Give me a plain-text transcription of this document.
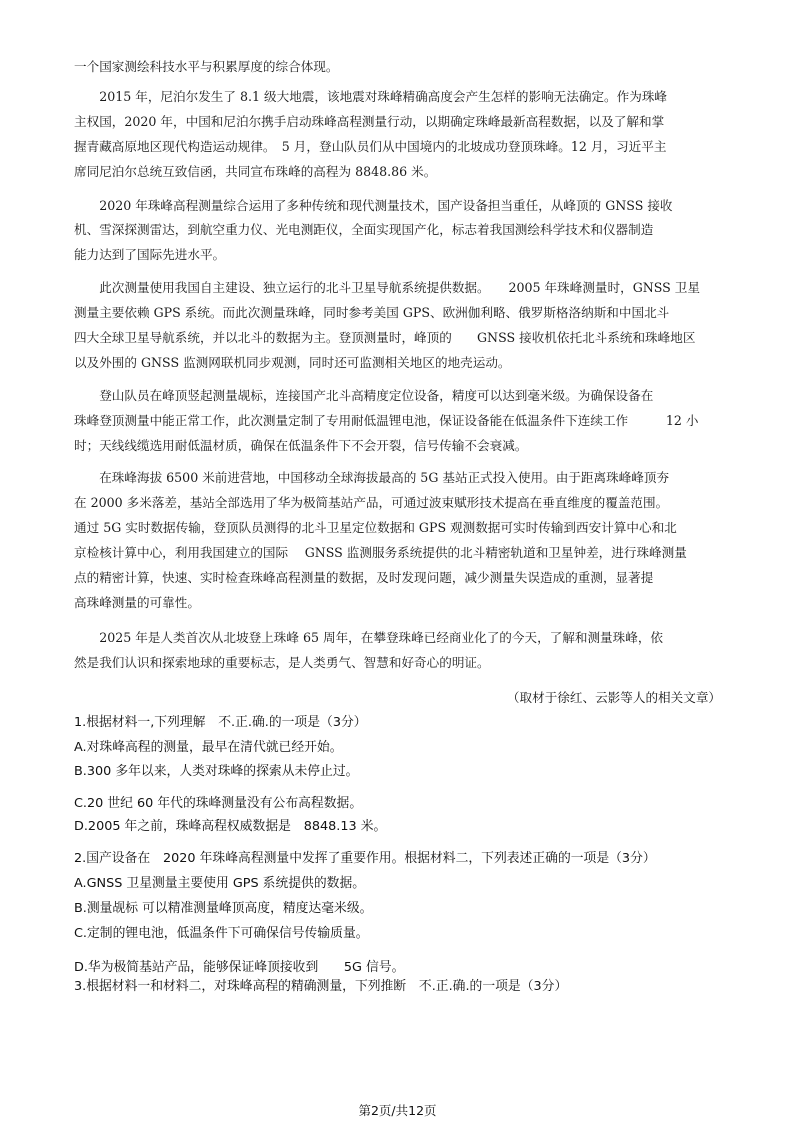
一个国家测绘科技水平与积累厚度的综合体现。
　　2015 年，尼泊尔发生了 8.1 级大地震，该地震对珠峰精确高度会产生怎样的影响无法确定。作为珠峰
主权国，2020 年，中国和尼泊尔携手启动珠峰高程测量行动，以期确定珠峰最新高程数据，以及了解和掌
握青藏高原地区现代构造运动规律。　5 月，登山队员们从中国境内的北坡成功登顶珠峰。12 月，习近平主
席同尼泊尔总统互致信函，共同宣布珠峰的高程为 8848.86 米。
　　2020 年珠峰高程测量综合运用了多种传统和现代测量技术，国产设备担当重任，从峰顶的 GNSS 接收
机、雪深探测雷达，到航空重力仪、光电测距仪，全面实现国产化，标志着我国测绘科学技术和仪器制造
能力达到了国际先进水平。
　　此次测量使用我国自主建设、独立运行的北斗卫星导航系统提供数据。　　2005 年珠峰测量时，GNSS 卫星
测量主要依赖 GPS 系统。而此次测量珠峰，同时参考美国 GPS、欧洲伽利略、俄罗斯格洛纳斯和中国北斗
四大全球卫星导航系统，并以北斗的数据为主。登顶测量时，峰顶的　　GNSS 接收机依托北斗系统和珠峰地区
以及外围的 GNSS 监测网联机同步观测，同时还可监测相关地区的地壳运动。
　　登山队员在峰顶竖起测量觇标，连接国产北斗高精度定位设备，精度可以达到毫米级。为确保设备在
珠峰登顶测量中能正常工作，此次测量定制了专用耐低温锂电池，保证设备能在低温条件下连续工作　　　12 小
时；天线线缆选用耐低温材质，确保在低温条件下不会开裂，信号传输不会衰减。
　　在珠峰海拔 6500 米前进营地，中国移动全球海拔最高的 5G 基站正式投入使用。由于距离珠峰峰顶夯
在 2000 多米落差，基站全部选用了华为极简基站产品，可通过波束赋形技术提高在垂直维度的覆盖范围。
通过 5G 实时数据传输，登顶队员测得的北斗卫星定位数据和 GPS 观测数据可实时传输到西安计算中心和北
京检核计算中心，利用我国建立的国际　 GNSS 监测服务系统提供的北斗精密轨道和卫星钟差，进行珠峰测量
点的精密计算，快速、实时检查珠峰高程测量的数据，及时发现问题，减少测量失误造成的重测，显著提
高珠峰测量的可靠性。
　　2025 年是人类首次从北坡登上珠峰 65 周年，在攀登珠峰已经商业化了的今天，了解和测量珠峰，依
然是我们认识和探索地球的重要标志，是人类勇气、智慧和好奇心的明证。
（取材于徐红、云影等人的相关文章）
1.根据材料一,下列理解　不.正.确.的一项是（3分）
A.对珠峰高程的测量，最早在清代就已经开始。
B.300 多年以来，人类对珠峰的探索从未停止过。
C.20 世纪 60 年代的珠峰测量没有公布高程数据。
D.2005 年之前，珠峰高程权威数据是　8848.13 米。
2.国产设备在　2020 年珠峰高程测量中发挥了重要作用。根据材料二，下列表述正确的一项是（3分）
A.GNSS 卫星测量主要使用 GPS 系统提供的数据。
B.测量觇标 可以精准测量峰顶高度，精度达毫米级。
C.定制的锂电池，低温条件下可确保信号传输质量。
D.华为极简基站产品，能够保证峰顶接收到　　5G 信号。
3.根据材料一和材料二，对珠峰高程的精确测量，下列推断　不.正.确.的一项是（3分）
第2页/共12页
